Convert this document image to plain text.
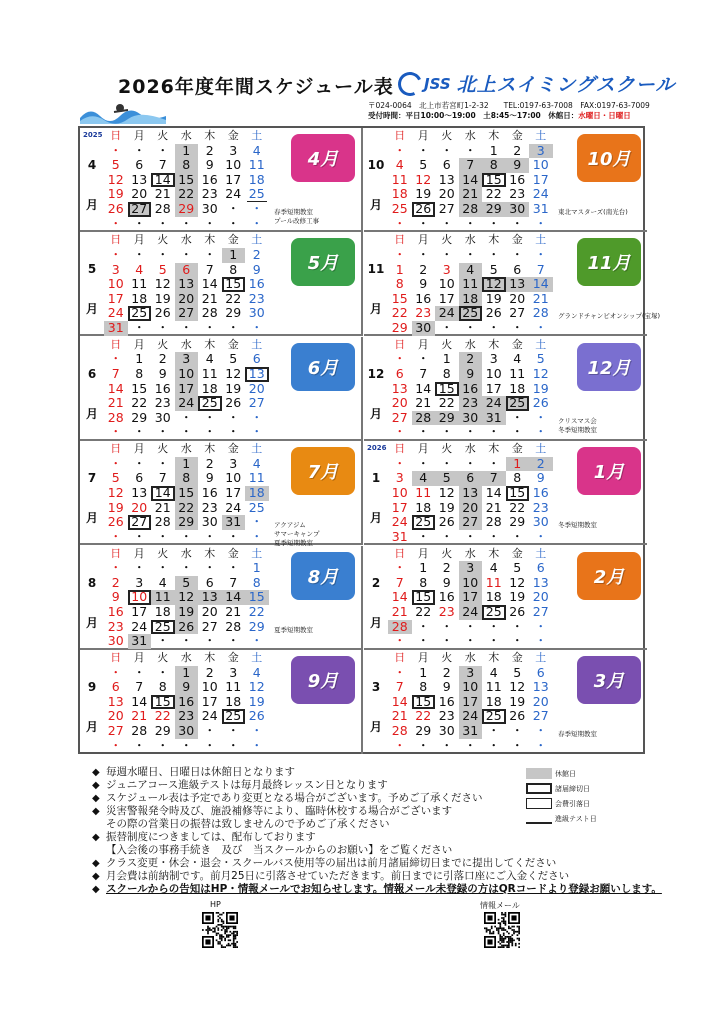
2026年度年間スケジュール表 JSS 北上スイミングスクール
〒024-0064　北上市若宮町1-2-32　　TEL:0197-63-7008　FAX:0197-63-7009
受付時間：平日10:00～19:00　土8:45～17:00　休館日：水曜日・日曜日
2025
4
月
日	月	火	水	木	金	土
・ ・ ・	1	2	3	4
5	6	7	8	9 10 11
12 13 14 15 16 17 18
19 20 21 22 23 24 25
26 27 28 29 30 ・ ・
・ ・ ・ ・ ・ ・ ・
4月
春季短期教室
プール改修工事
5
月
日	月	火	水	木	金	土
・ ・ ・ ・ ・	1	2
3	4	5	6	7	8	9
10 11 12 13 14 15 16
17 18 19 20 21 22 23
24 25 26 27 28 29 30
31 ・ ・ ・ ・ ・ ・
5月
6
月
日	月	火	水	木	金	土
・	1	2	3	4	5	6
7	8	9 10 11 12 13
14 15 16 17 18 19 20
21 22 23 24 25 26 27
28 29 30 ・ ・ ・ ・
・ ・ ・ ・ ・ ・ ・
6月
7
月
日	月	火	水	木	金	土
・ ・ ・	1	2	3	4
5	6	7	8	9 10 11
12 13 14 15 16 17 18
19 20 21 22 23 24 25
26 27 28 29 30 31 ・
・ ・ ・ ・ ・ ・ ・
7月
アクアジム
サマーキャンプ
夏季短期教室
8
月
日	月	火	水	木	金	土
・ ・ ・ ・ ・ ・	1
2	3	4	5	6	7	8
9 10 11 12 13 14 15
16 17 18 19 20 21 22
23 24 25 26 27 28 29
30 31 ・ ・ ・ ・ ・
8月
夏季短期教室
9
月
日	月	火	水	木	金	土
・ ・ ・	1	2	3	4
6	7	8	9 10 11 12
13 14 15 16 17 18 19
20 21 22 23 24 25 26
27 28 29 30 ・ ・ ・
・ ・ ・ ・ ・ ・ ・
9月
10
月
日	月	火	水	木	金	土
・ ・ ・ ・	1	2	3
4	5	6	7	8	9 10
11 12 13 14 15 16 17
18 19 20 21 22 23 24
25 26 27 28 29 30 31
・ ・ ・ ・ ・ ・ ・
10月
東北マスターズ(南光台)
11
月
日	月	火	水	木	金	土
・ ・ ・ ・ ・ ・ ・
1	2	3	4	5	6	7
8	9 10 11 12 13 14
15 16 17 18 19 20 21
22 23 24 25 26 27 28
29 30 ・ ・ ・ ・ ・
11月
グランドチャンピオンシップ(宝塚)
12
月
日	月	火	水	木	金	土
・ ・	1	2	3	4	5
6	7	8	9 10 11 12
13 14 15 16 17 18 19
20 21 22 23 24 25 26
27 28 29 30 31 ・ ・
・ ・ ・ ・ ・ ・ ・
12月
クリスマス会
冬季短期教室
2026
1
月
日	月	火	水	木	金	土
・ ・ ・ ・ ・	1	2
3	4	5	6	7	8	9
10 11 12 13 14 15 16
17 18 19 20 21 22 23
24 25 26 27 28 29 30
31 ・ ・ ・ ・ ・ ・
1月
冬季短期教室
2
月
日	月	火	水	木	金	土
・	1	2	3	4	5	6
7	8	9 10 11 12 13
14 15 16 17 18 19 20
21 22 23 24 25 26 27
28 ・ ・ ・ ・ ・ ・
・ ・ ・ ・ ・ ・ ・
2月
3
月
日	月	火	水	木	金	土
・	1	2	3	4	5	6
7	8	9 10 11 12 13
14 15 16 17 18 19 20
21 22 23 24 25 26 27
28 29 30 31 ・ ・ ・
・ ・ ・ ・ ・ ・ ・
3月
春季短期教室
◆ 毎週水曜日、日曜日は休館日となります
◆ ジュニアコース進級テストは毎月最終レッスン日となります
◆ スケジュール表は予定であり変更となる場合がございます。予めご了承ください
◆ 災害警報発令時及び、施設補修等により、臨時休校する場合がございます
その際の営業日の振替は致しませんので予めご了承ください
◆ 振替制度につきましては、配布しております
【入会後の事務手続き　及び　当スクールからのお願い】をご覧ください
◆ クラス変更・休会・退会・スクールバス使用等の届出は前月諸届締切日までに提出してください
◆ 月会費は前納制です。前月25日に引落させていただきます。前日までに引落口座にご入金ください
◆ スクールからの告知はHP・情報メールでお知らせします。情報メール未登録の方はQRコードより登録お願いします。
休館日
諸届締切日
会費引落日
進級テスト日
HP	情報メール
